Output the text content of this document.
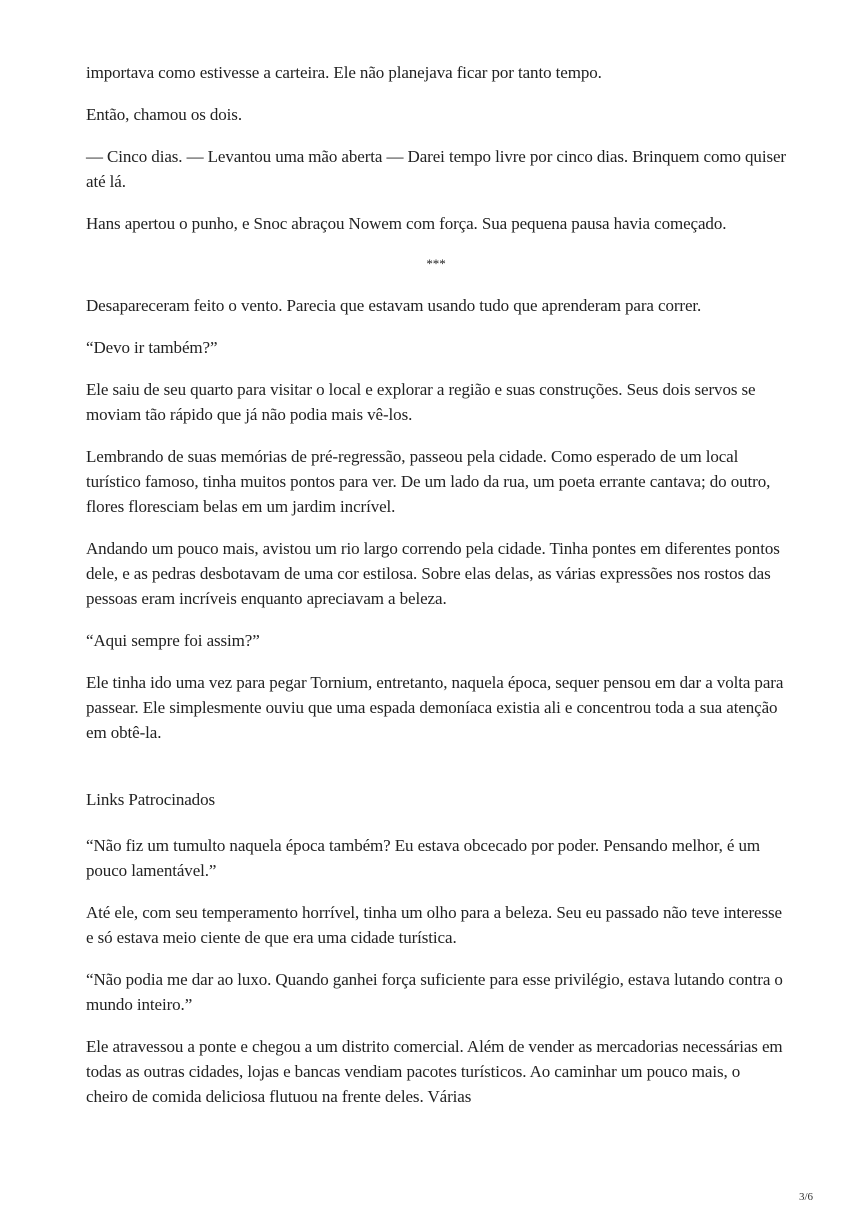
importava como estivesse a carteira. Ele não planejava ficar por tanto tempo.

Então, chamou os dois.

— Cinco dias. — Levantou uma mão aberta — Darei tempo livre por cinco dias. Brinquem como quiser até lá.

Hans apertou o punho, e Snoc abraçou Nowem com força. Sua pequena pausa havia começado.

***

Desapareceram feito o vento. Parecia que estavam usando tudo que aprenderam para correr.

“Devo ir também?”

Ele saiu de seu quarto para visitar o local e explorar a região e suas construções. Seus dois servos se moviam tão rápido que já não podia mais vê-los.

Lembrando de suas memórias de pré-regressão, passeou pela cidade. Como esperado de um local turístico famoso, tinha muitos pontos para ver. De um lado da rua, um poeta errante cantava; do outro, flores floresciam belas em um jardim incrível.

Andando um pouco mais, avistou um rio largo correndo pela cidade. Tinha pontes em diferentes pontos dele, e as pedras desbotavam de uma cor estilosa. Sobre elas delas, as várias expressões nos rostos das pessoas eram incríveis enquanto apreciavam a beleza.

“Aqui sempre foi assim?”

Ele tinha ido uma vez para pegar Tornium, entretanto, naquela época, sequer pensou em dar a volta para passear. Ele simplesmente ouviu que uma espada demoníaca existia ali e concentrou toda a sua atenção em obtê-la.

Links Patrocinados

“Não fiz um tumulto naquela época também? Eu estava obcecado por poder. Pensando melhor, é um pouco lamentável.”

Até ele, com seu temperamento horrível, tinha um olho para a beleza. Seu eu passado não teve interesse e só estava meio ciente de que era uma cidade turística.

“Não podia me dar ao luxo. Quando ganhei força suficiente para esse privilégio, estava lutando contra o mundo inteiro.”

Ele atravessou a ponte e chegou a um distrito comercial. Além de vender as mercadorias necessárias em todas as outras cidades, lojas e bancas vendiam pacotes turísticos. Ao caminhar um pouco mais, o cheiro de comida deliciosa flutuou na frente deles. Várias

3/6
